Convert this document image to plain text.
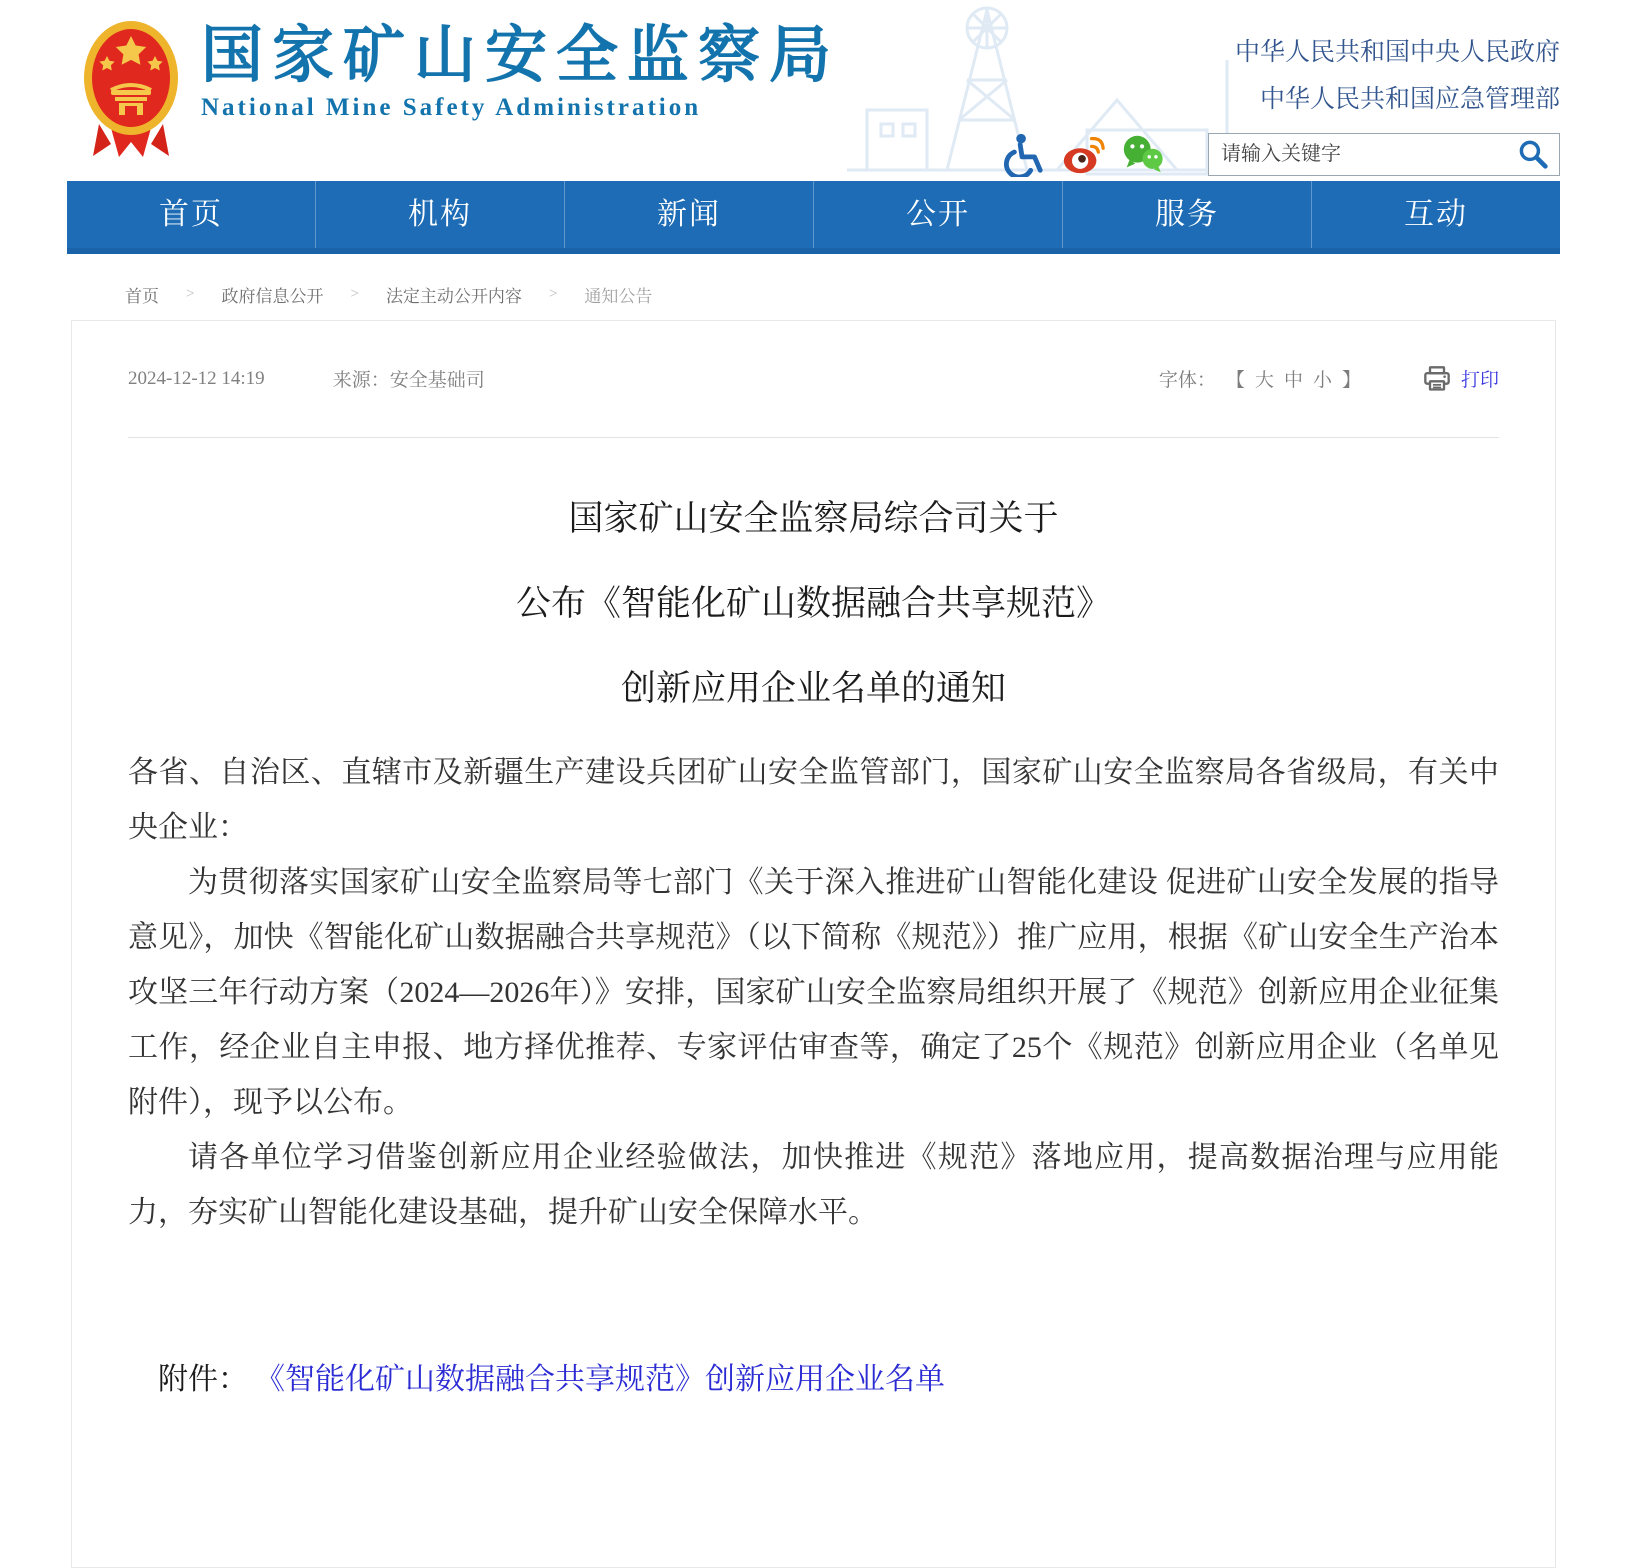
国家矿山安全监察局
National Mine Safety Administration
中华人民共和国中央人民政府
中华人民共和国应急管理部
请输入关键字
首页	机构	新闻	公开	服务	互动
首页 > 政府信息公开 > 法定主动公开内容 > 通知公告
2024-12-12 14:19	来源：安全基础司	字体： 【 大 中 小 】	打印
国家矿山安全监察局综合司关于
公布《智能化矿山数据融合共享规范》
创新应用企业名单的通知

各省、自治区、直辖市及新疆生产建设兵团矿山安全监管部门，国家矿山安全监察局各省级局，有关中央企业：

为贯彻落实国家矿山安全监察局等七部门《关于深入推进矿山智能化建设 促进矿山安全发展的指导意见》，加快《智能化矿山数据融合共享规范》（以下简称《规范》）推广应用，根据《矿山安全生产治本攻坚三年行动方案（2024—2026年）》安排，国家矿山安全监察局组织开展了《规范》创新应用企业征集工作，经企业自主申报、地方择优推荐、专家评估审查等，确定了25个《规范》创新应用企业（名单见附件），现予以公布。

请各单位学习借鉴创新应用企业经验做法，加快推进《规范》落地应用，提高数据治理与应用能力，夯实矿山智能化建设基础，提升矿山安全保障水平。

附件： 《智能化矿山数据融合共享规范》创新应用企业名单
